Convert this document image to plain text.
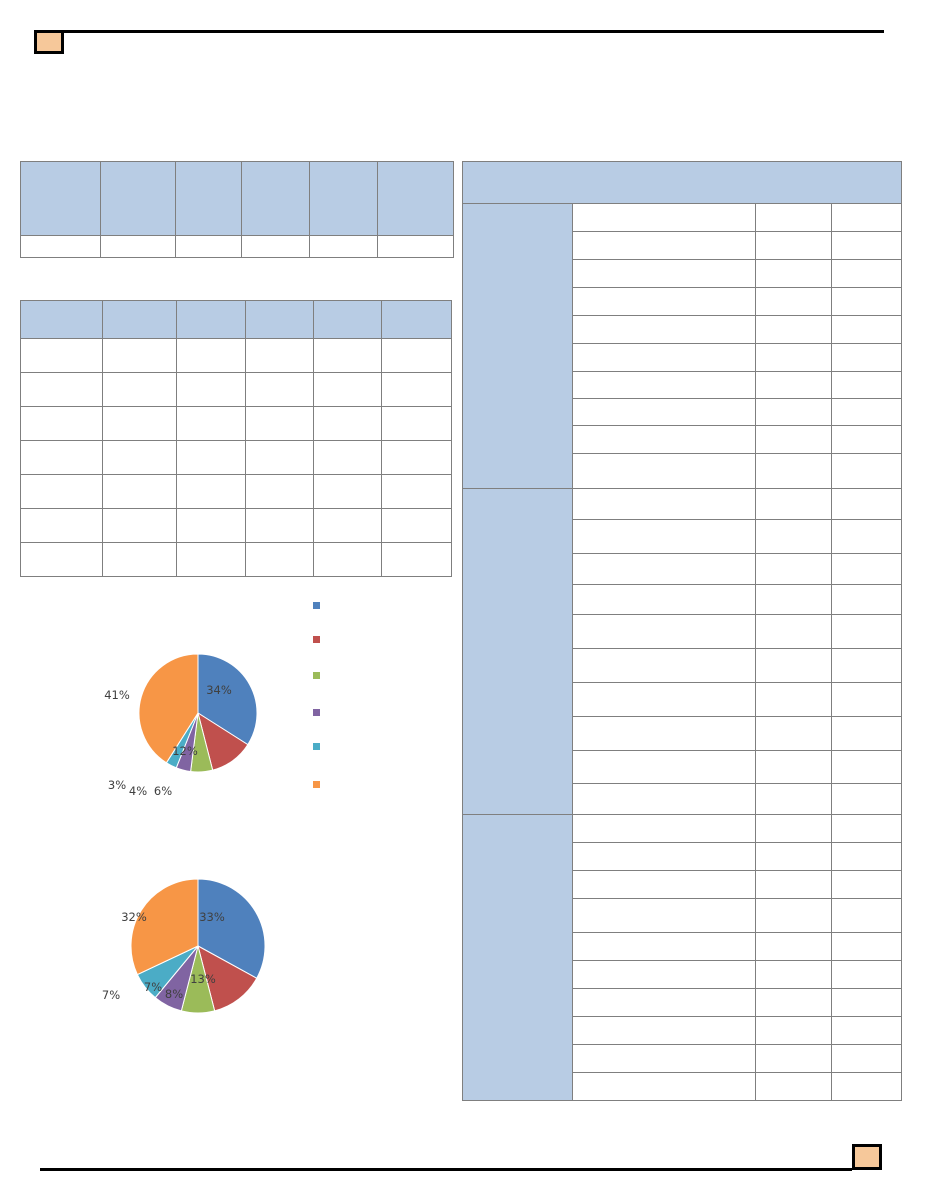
34%
12%
6%
4%
3%
41%
33%
13%
8%
7%
7%
32%
